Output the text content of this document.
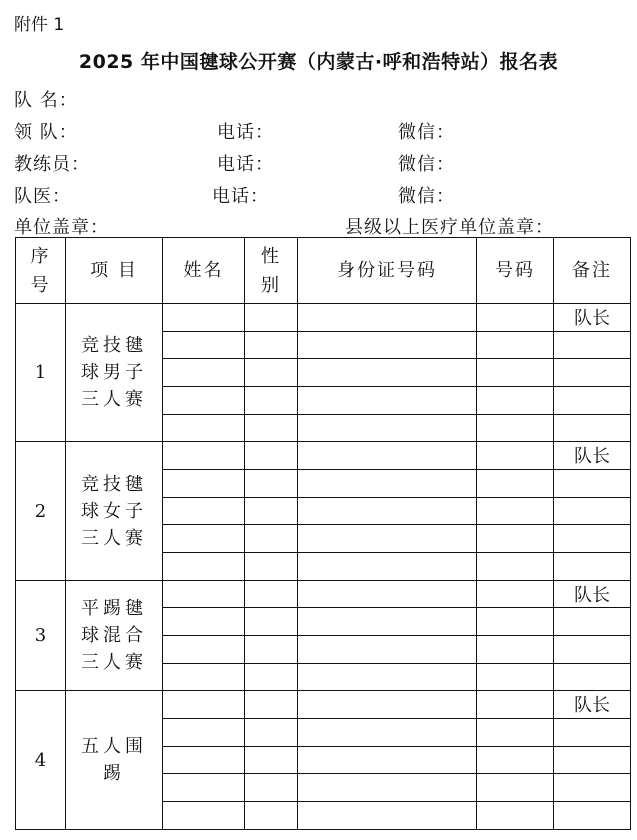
附件 1
2025 年中国毽球公开赛（内蒙古·呼和浩特站）报名表
队 名：
领 队：	电话：	微信：
教练员：	电话：	微信：
队医：	电话：	微信：
单位盖章：	县级以上医疗单位盖章：
序号	项 目	姓名	性别	身份证号码	号码	备注
1	竞技毽球男子三人赛					队长

2	竞技毽球女子三人赛					队长

3	平踢毽球混合三人赛					队长

4	五人围踢					队长
